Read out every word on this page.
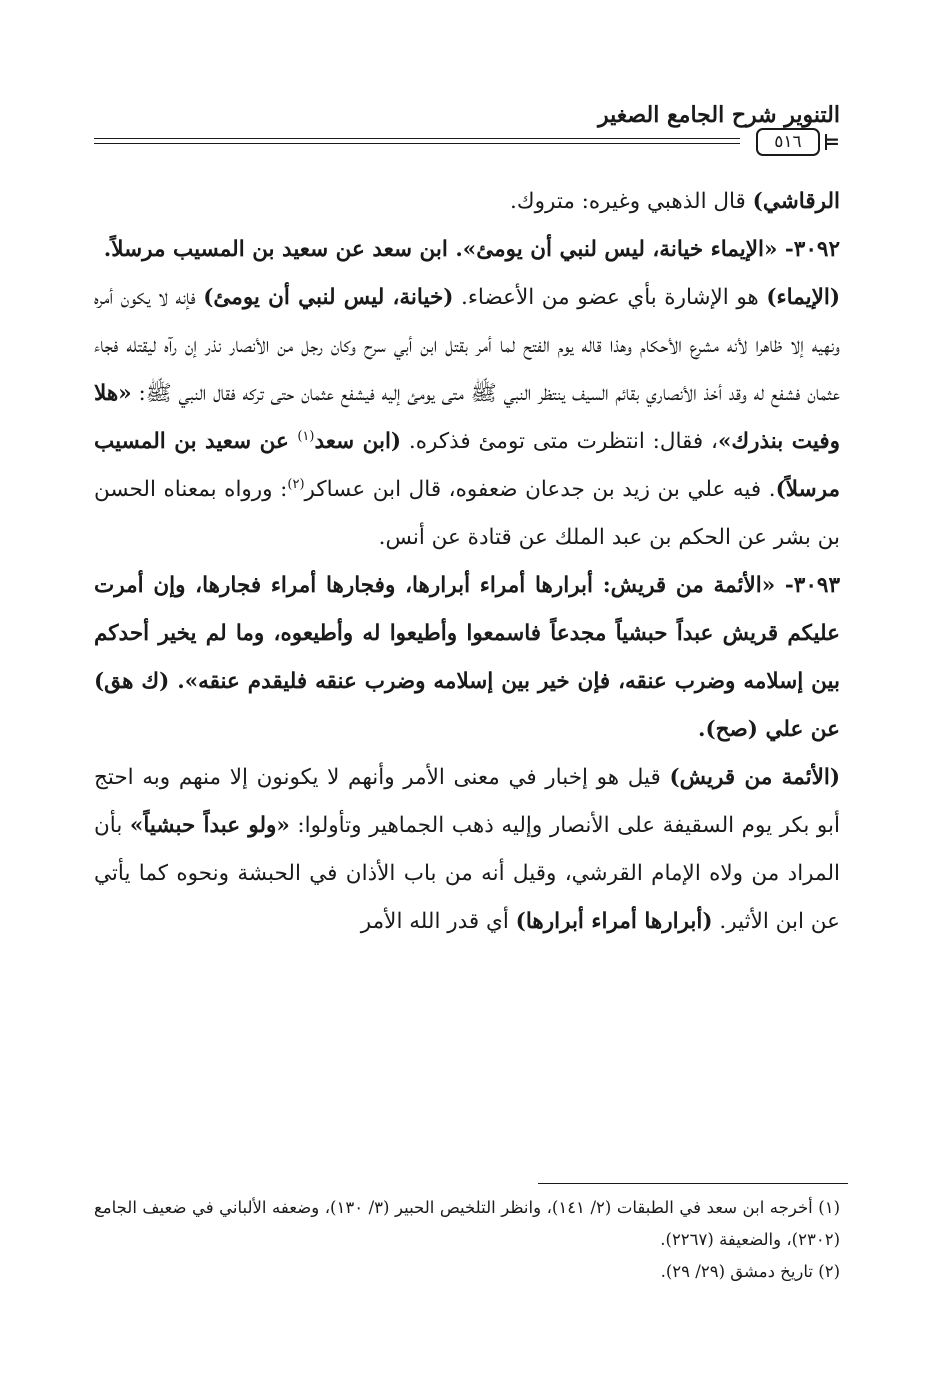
التنوير شرح الجامع الصغير
٥١٦	=

الرقاشي) قال الذهبي وغيره: متروك.

٣٠٩٢- «الإيماء خيانة، ليس لنبي أن يومئ». ابن سعد عن سعيد بن المسيب مرسلاً.

(الإيماء) هو الإشارة بأي عضو من الأعضاء. (خيانة، ليس لنبي أن يومئ) فإنه لا يكون أمره ونهيه إلا ظاهرا لأنه مشرع الأحكام وهذا قاله يوم الفتح لما أمر بقتل ابن أبي سرح وكان رجل من الأنصار نذر إن رآه ليقتله فجاء عثمان فشفع له وقد أخذ الأنصاري بقائم السيف ينتظر النبي ﷺ متى يومئ إليه فيشفع عثمان حتى تركه فقال النبي ﷺ: «هلا وفيت بنذرك»، فقال: انتظرت متى تومئ فذكره. (ابن سعد$^{(١)}$ عن سعيد بن المسيب مرسلاً). فيه علي بن زيد بن جدعان ضعفوه، قال ابن عساكر$^{(٢)}$: ورواه بمعناه الحسن بن بشر عن الحكم بن عبد الملك عن قتادة عن أنس.

٣٠٩٣- «الأئمة من قريش: أبرارها أمراء أبرارها، وفجارها أمراء فجارها، وإن أمرت عليكم قريش عبداً حبشياً مجدعاً فاسمعوا وأطيعوا له وأطيعوه، وما لم يخير أحدكم بين إسلامه وضرب عنقه، فإن خير بين إسلامه وضرب عنقه فليقدم عنقه». (ك هق) عن علي (صح).

(الأئمة من قريش) قيل هو إخبار في معنى الأمر وأنهم لا يكونون إلا منهم وبه احتج أبو بكر يوم السقيفة على الأنصار وإليه ذهب الجماهير وتأولوا: «ولو عبداً حبشياً» بأن المراد من ولاه الإمام القرشي، وقيل أنه من باب الأذان في الحبشة ونحوه كما يأتي عن ابن الأثير. (أبرارها أمراء أبرارها) أي قدر الله الأمر

(١) أخرجه ابن سعد في الطبقات (٢/ ١٤١)، وانظر التلخيص الحبير (٣/ ١٣٠)، وضعفه الألباني في ضعيف الجامع (٢٣٠٢)، والضعيفة (٢٢٦٧).

(٢) تاريخ دمشق (٢٩/ ٢٩).
